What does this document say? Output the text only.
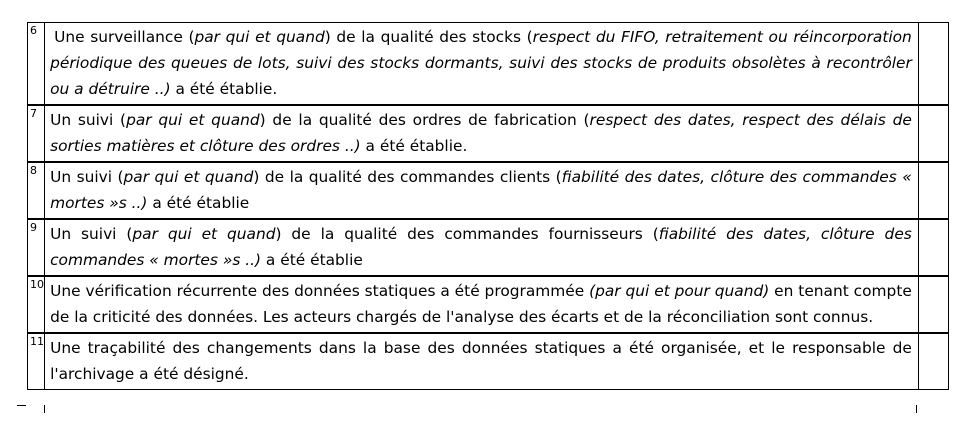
6	Une surveillance (par qui et quand) de la qualité des stocks (respect du FIFO, retraitement ou réincorporation périodique des queues de lots, suivi des stocks dormants, suivi des stocks de produits obsolètes à recontrôler ou a détruire ..) a été établie.	

7	Un suivi (par qui et quand) de la qualité des ordres de fabrication (respect des dates, respect des délais de sorties matières et clôture des ordres ..) a été établie.	

8	Un suivi (par qui et quand) de la qualité des commandes clients (fiabilité des dates, clôture des commandes « mortes »s ..) a été établie	

9	Un suivi (par qui et quand) de la qualité des commandes fournisseurs (fiabilité des dates, clôture des commandes « mortes »s ..) a été établie	

10	Une vérification récurrente des données statiques a été programmée (par qui et pour quand) en tenant compte de la criticité des données. Les acteurs chargés de l'analyse des écarts et de la réconciliation sont connus.	

11	Une traçabilité des changements dans la base des données statiques a été organisée, et le responsable de l'archivage a été désigné.	
